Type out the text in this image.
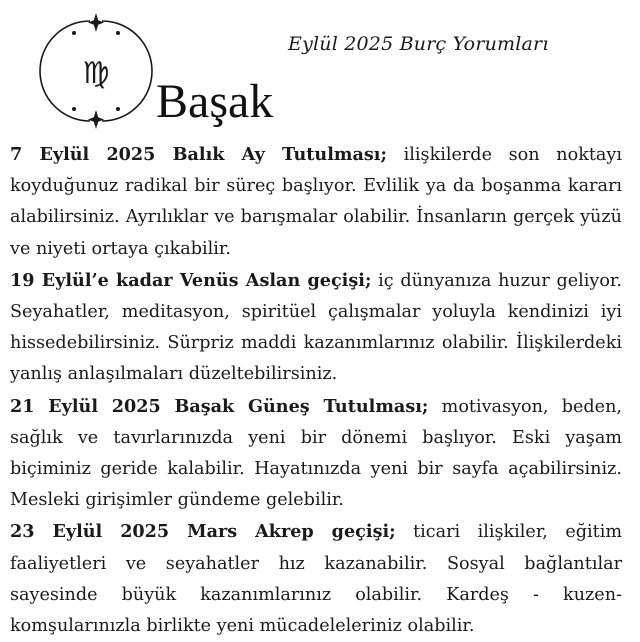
♍
Eylül 2025 Burç Yorumları
Başak

7 Eylül 2025 Balık Ay Tutulması; ilişkilerde son noktayı koyduğunuz radikal bir süreç başlıyor. Evlilik ya da boşanma kararı alabilirsiniz. Ayrılıklar ve barışmalar olabilir. İnsanların gerçek yüzü ve niyeti ortaya çıkabilir.

19 Eylül’e kadar Venüs Aslan geçişi; iç dünyanıza huzur geliyor. Seyahatler, meditasyon, spiritüel çalışmalar yoluyla kendinizi iyi hissedebilirsiniz. Sürpriz maddi kazanımlarınız olabilir. İlişkilerdeki yanlış anlaşılmaları düzeltebilirsiniz.

21 Eylül 2025 Başak Güneş Tutulması; motivasyon, beden, sağlık ve tavırlarınızda yeni bir dönemi başlıyor. Eski yaşam biçiminiz geride kalabilir. Hayatınızda yeni bir sayfa açabilirsiniz. Mesleki girişimler gündeme gelebilir.

23 Eylül 2025 Mars Akrep geçişi; ticari ilişkiler, eğitim faaliyetleri ve seyahatler hız kazanabilir. Sosyal bağlantılar sayesinde büyük kazanımlarınız olabilir. Kardeş - kuzen-komşularınızla birlikte yeni mücadeleleriniz olabilir.
